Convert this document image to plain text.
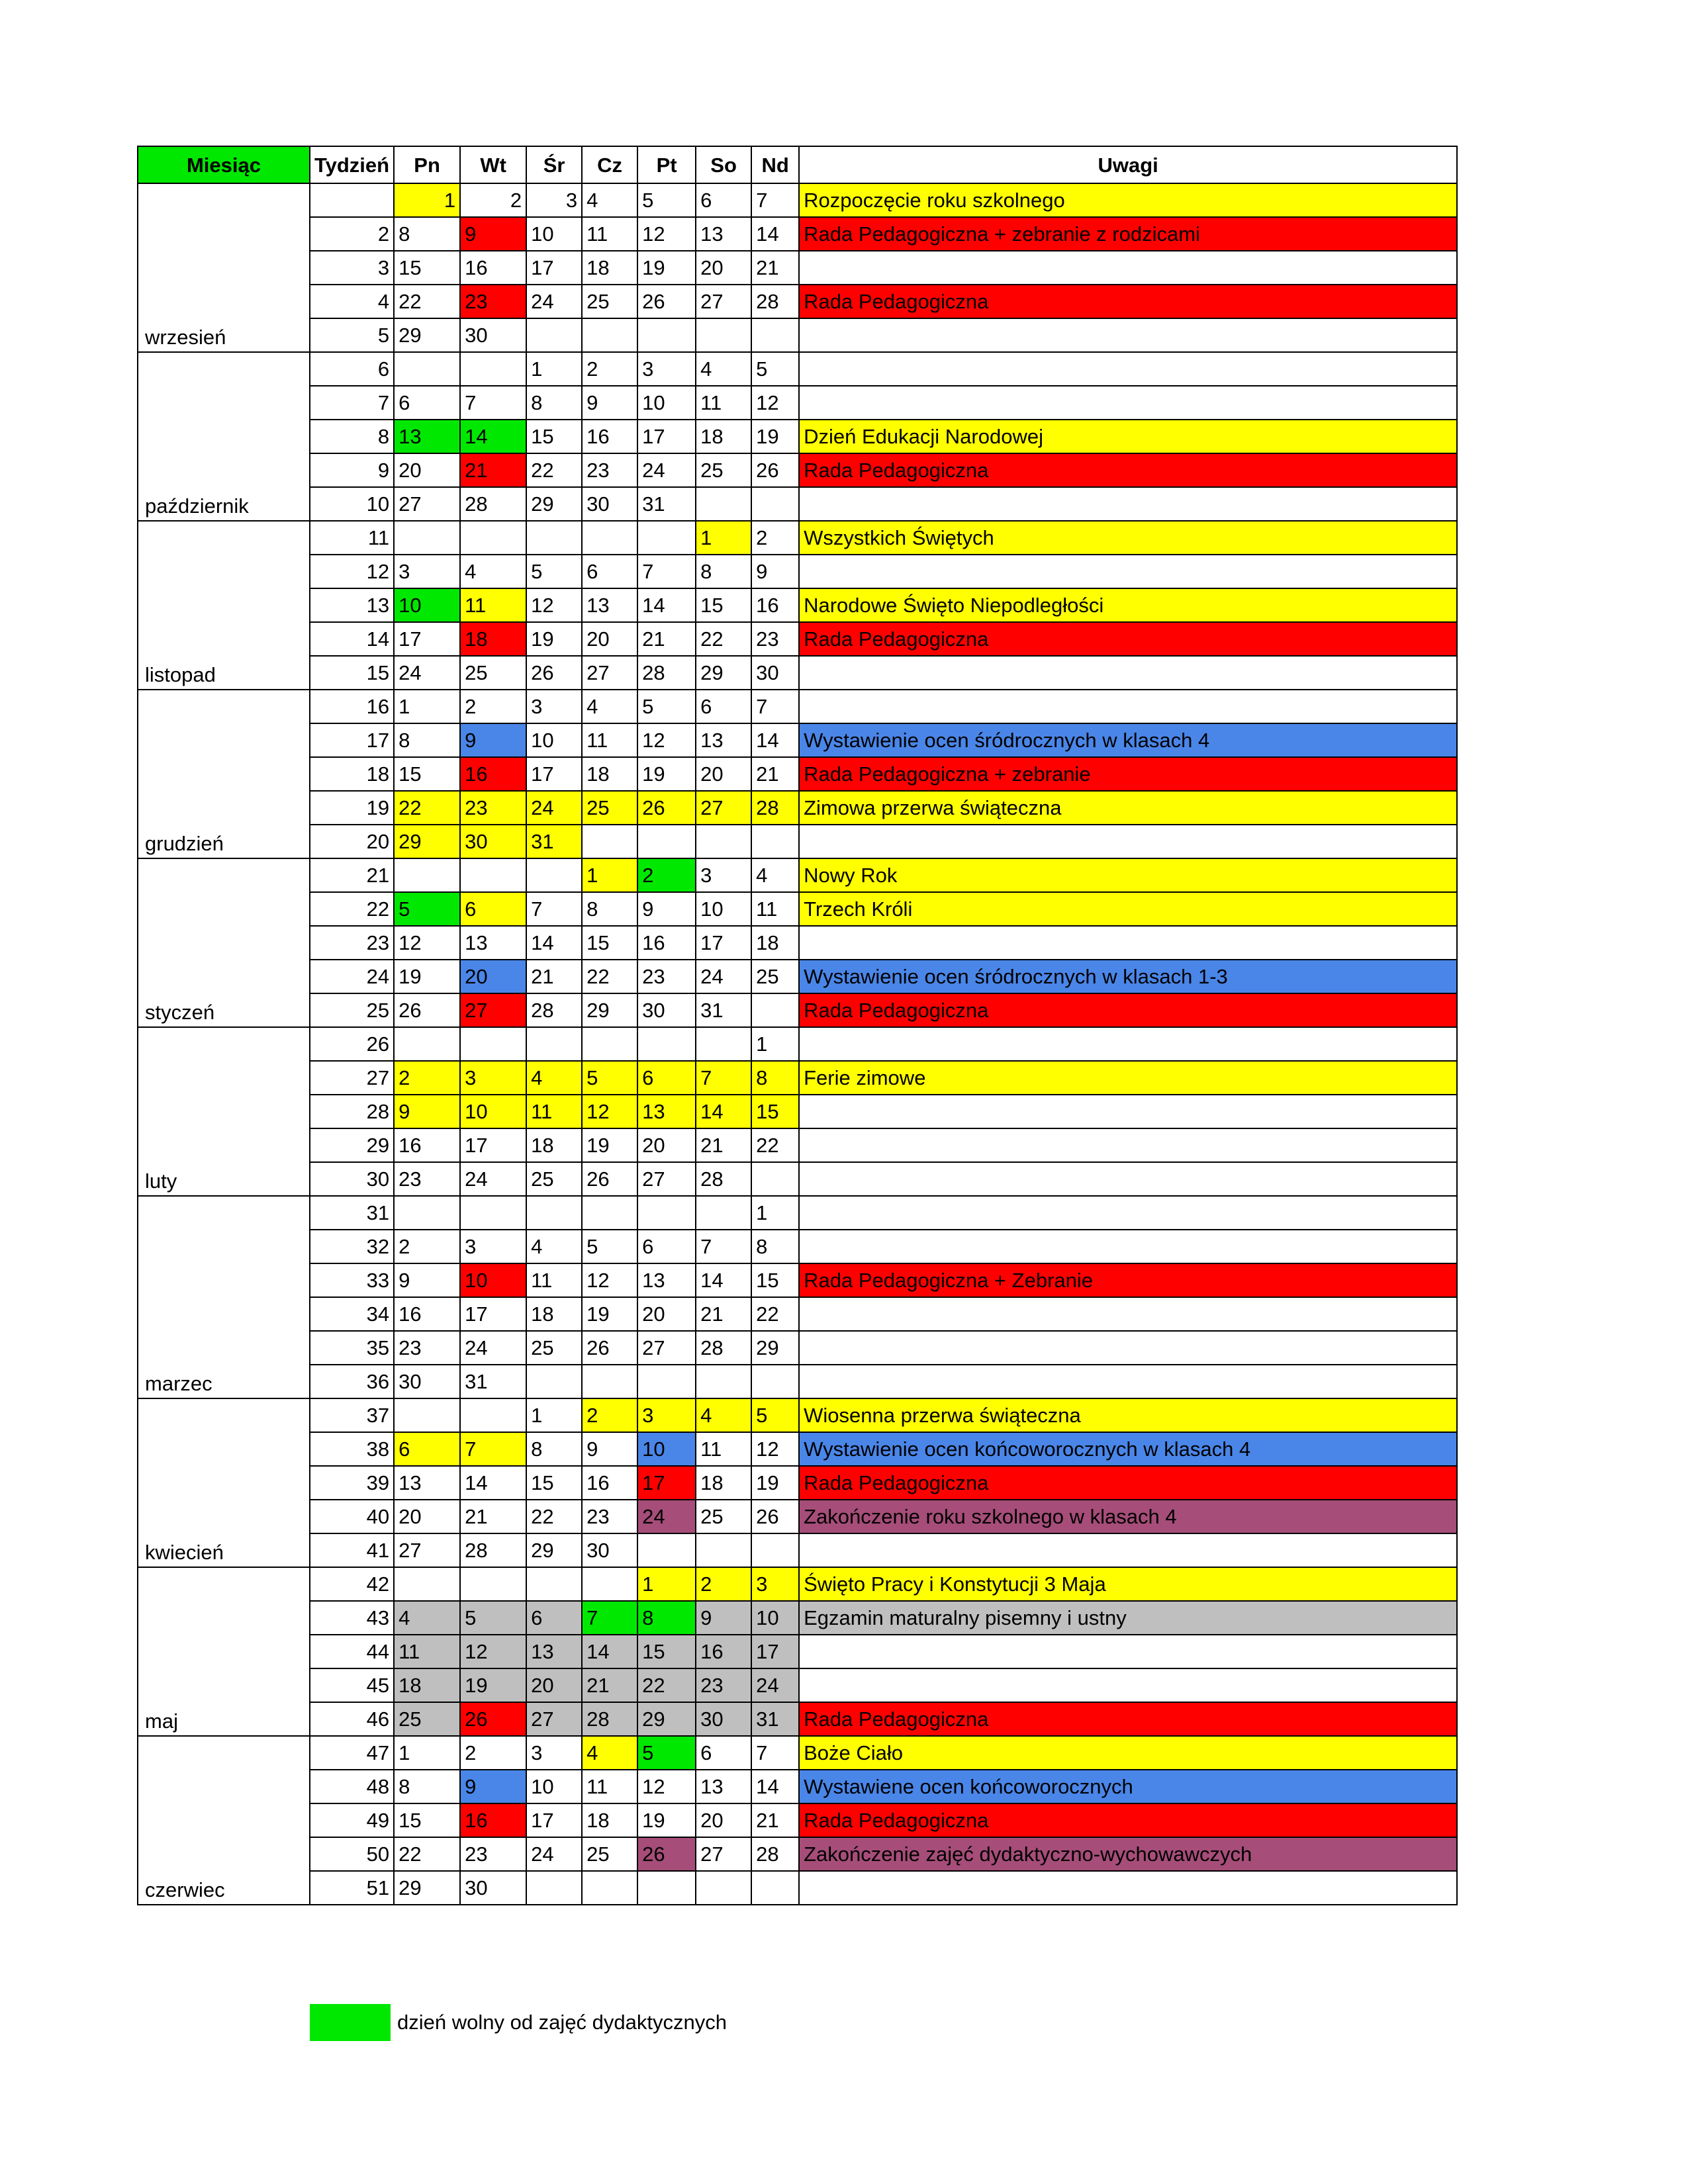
Miesiąc	Tydzień	Pn	Wt	Śr	Cz	Pt	So	Nd	Uwagi
wrzesień		1	2	3	4	5	6	7	Rozpoczęcie roku szkolnego
	2	8	9	10	11	12	13	14	Rada Pedagogiczna + zebranie z rodzicami
	3	15	16	17	18	19	20	21	
	4	22	23	24	25	26	27	28	Rada Pedagogiczna
	5	29	30						
październik	6			1	2	3	4	5	
	7	6	7	8	9	10	11	12	
	8	13	14	15	16	17	18	19	Dzień Edukacji Narodowej
	9	20	21	22	23	24	25	26	Rada Pedagogiczna
	10	27	28	29	30	31			
listopad	11						1	2	Wszystkich Świętych
	12	3	4	5	6	7	8	9	
	13	10	11	12	13	14	15	16	Narodowe Święto Niepodległości
	14	17	18	19	20	21	22	23	Rada Pedagogiczna
	15	24	25	26	27	28	29	30	
grudzień	16	1	2	3	4	5	6	7	
	17	8	9	10	11	12	13	14	Wystawienie ocen śródrocznych w klasach 4
	18	15	16	17	18	19	20	21	Rada Pedagogiczna + zebranie
	19	22	23	24	25	26	27	28	Zimowa przerwa świąteczna
	20	29	30	31					
styczeń	21				1	2	3	4	Nowy Rok
	22	5	6	7	8	9	10	11	Trzech Króli
	23	12	13	14	15	16	17	18	
	24	19	20	21	22	23	24	25	Wystawienie ocen śródrocznych w klasach 1-3
	25	26	27	28	29	30	31		Rada Pedagogiczna
luty	26							1	
	27	2	3	4	5	6	7	8	Ferie zimowe
	28	9	10	11	12	13	14	15	
	29	16	17	18	19	20	21	22	
	30	23	24	25	26	27	28		
marzec	31							1	
	32	2	3	4	5	6	7	8	
	33	9	10	11	12	13	14	15	Rada Pedagogiczna + Zebranie
	34	16	17	18	19	20	21	22	
	35	23	24	25	26	27	28	29	
	36	30	31						
kwiecień	37			1	2	3	4	5	Wiosenna przerwa świąteczna
	38	6	7	8	9	10	11	12	Wystawienie ocen końcoworocznych w klasach 4
	39	13	14	15	16	17	18	19	Rada Pedagogiczna
	40	20	21	22	23	24	25	26	Zakończenie roku szkolnego w klasach 4
	41	27	28	29	30				
maj	42					1	2	3	Święto Pracy i Konstytucji 3 Maja
	43	4	5	6	7	8	9	10	Egzamin maturalny pisemny i ustny
	44	11	12	13	14	15	16	17	
	45	18	19	20	21	22	23	24	
	46	25	26	27	28	29	30	31	Rada Pedagogiczna
czerwiec	47	1	2	3	4	5	6	7	Boże Ciało
	48	8	9	10	11	12	13	14	Wystawiene ocen końcoworocznych
	49	15	16	17	18	19	20	21	Rada Pedagogiczna
	50	22	23	24	25	26	27	28	Zakończenie zajęć dydaktyczno-wychowawczych
	51	29	30						
dzień wolny od zajęć dydaktycznych
